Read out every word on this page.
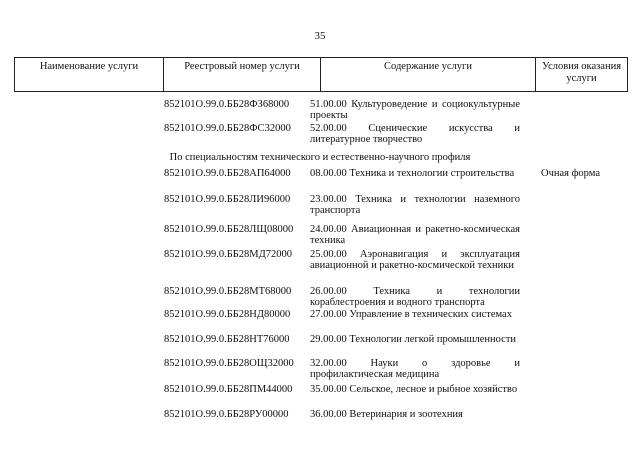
35
Наименование услуги	Реестровый номер услуги	Содержание услуги	Условия оказания услуги
852101О.99.0.ББ28ФЗ68000 51.00.00 Культуроведение и социокультурные проекты
852101О.99.0.ББ28ФС32000 52.00.00 Сценические искусства и литературное творчество
По специальностям технического и естественно-научного профиля
852101О.99.0.ББ28АП64000 08.00.00 Техника и технологии строительства	Очная форма
852101О.99.0.ББ28ЛИ96000 23.00.00 Техника и технологии наземного транспорта
852101О.99.0.ББ28ЛЩ08000 24.00.00 Авиационная и ракетно-космическая техника
852101О.99.0.ББ28МД72000 25.00.00 Аэронавигация и эксплуатация авиационной и ракетно-космической техники
852101О.99.0.ББ28МТ68000 26.00.00 Техника и технологии кораблестроения и водного транспорта
852101О.99.0.ББ28НД80000 27.00.00 Управление в технических системах
852101О.99.0.ББ28НТ76000 29.00.00 Технологии легкой промышленности
852101О.99.0.ББ28ОЩ32000 32.00.00 Науки о здоровье и профилактическая медицина
852101О.99.0.ББ28ПМ44000 35.00.00 Сельское, лесное и рыбное хозяйство
852101О.99.0.ББ28РУ00000 36.00.00 Ветеринария и зоотехния
